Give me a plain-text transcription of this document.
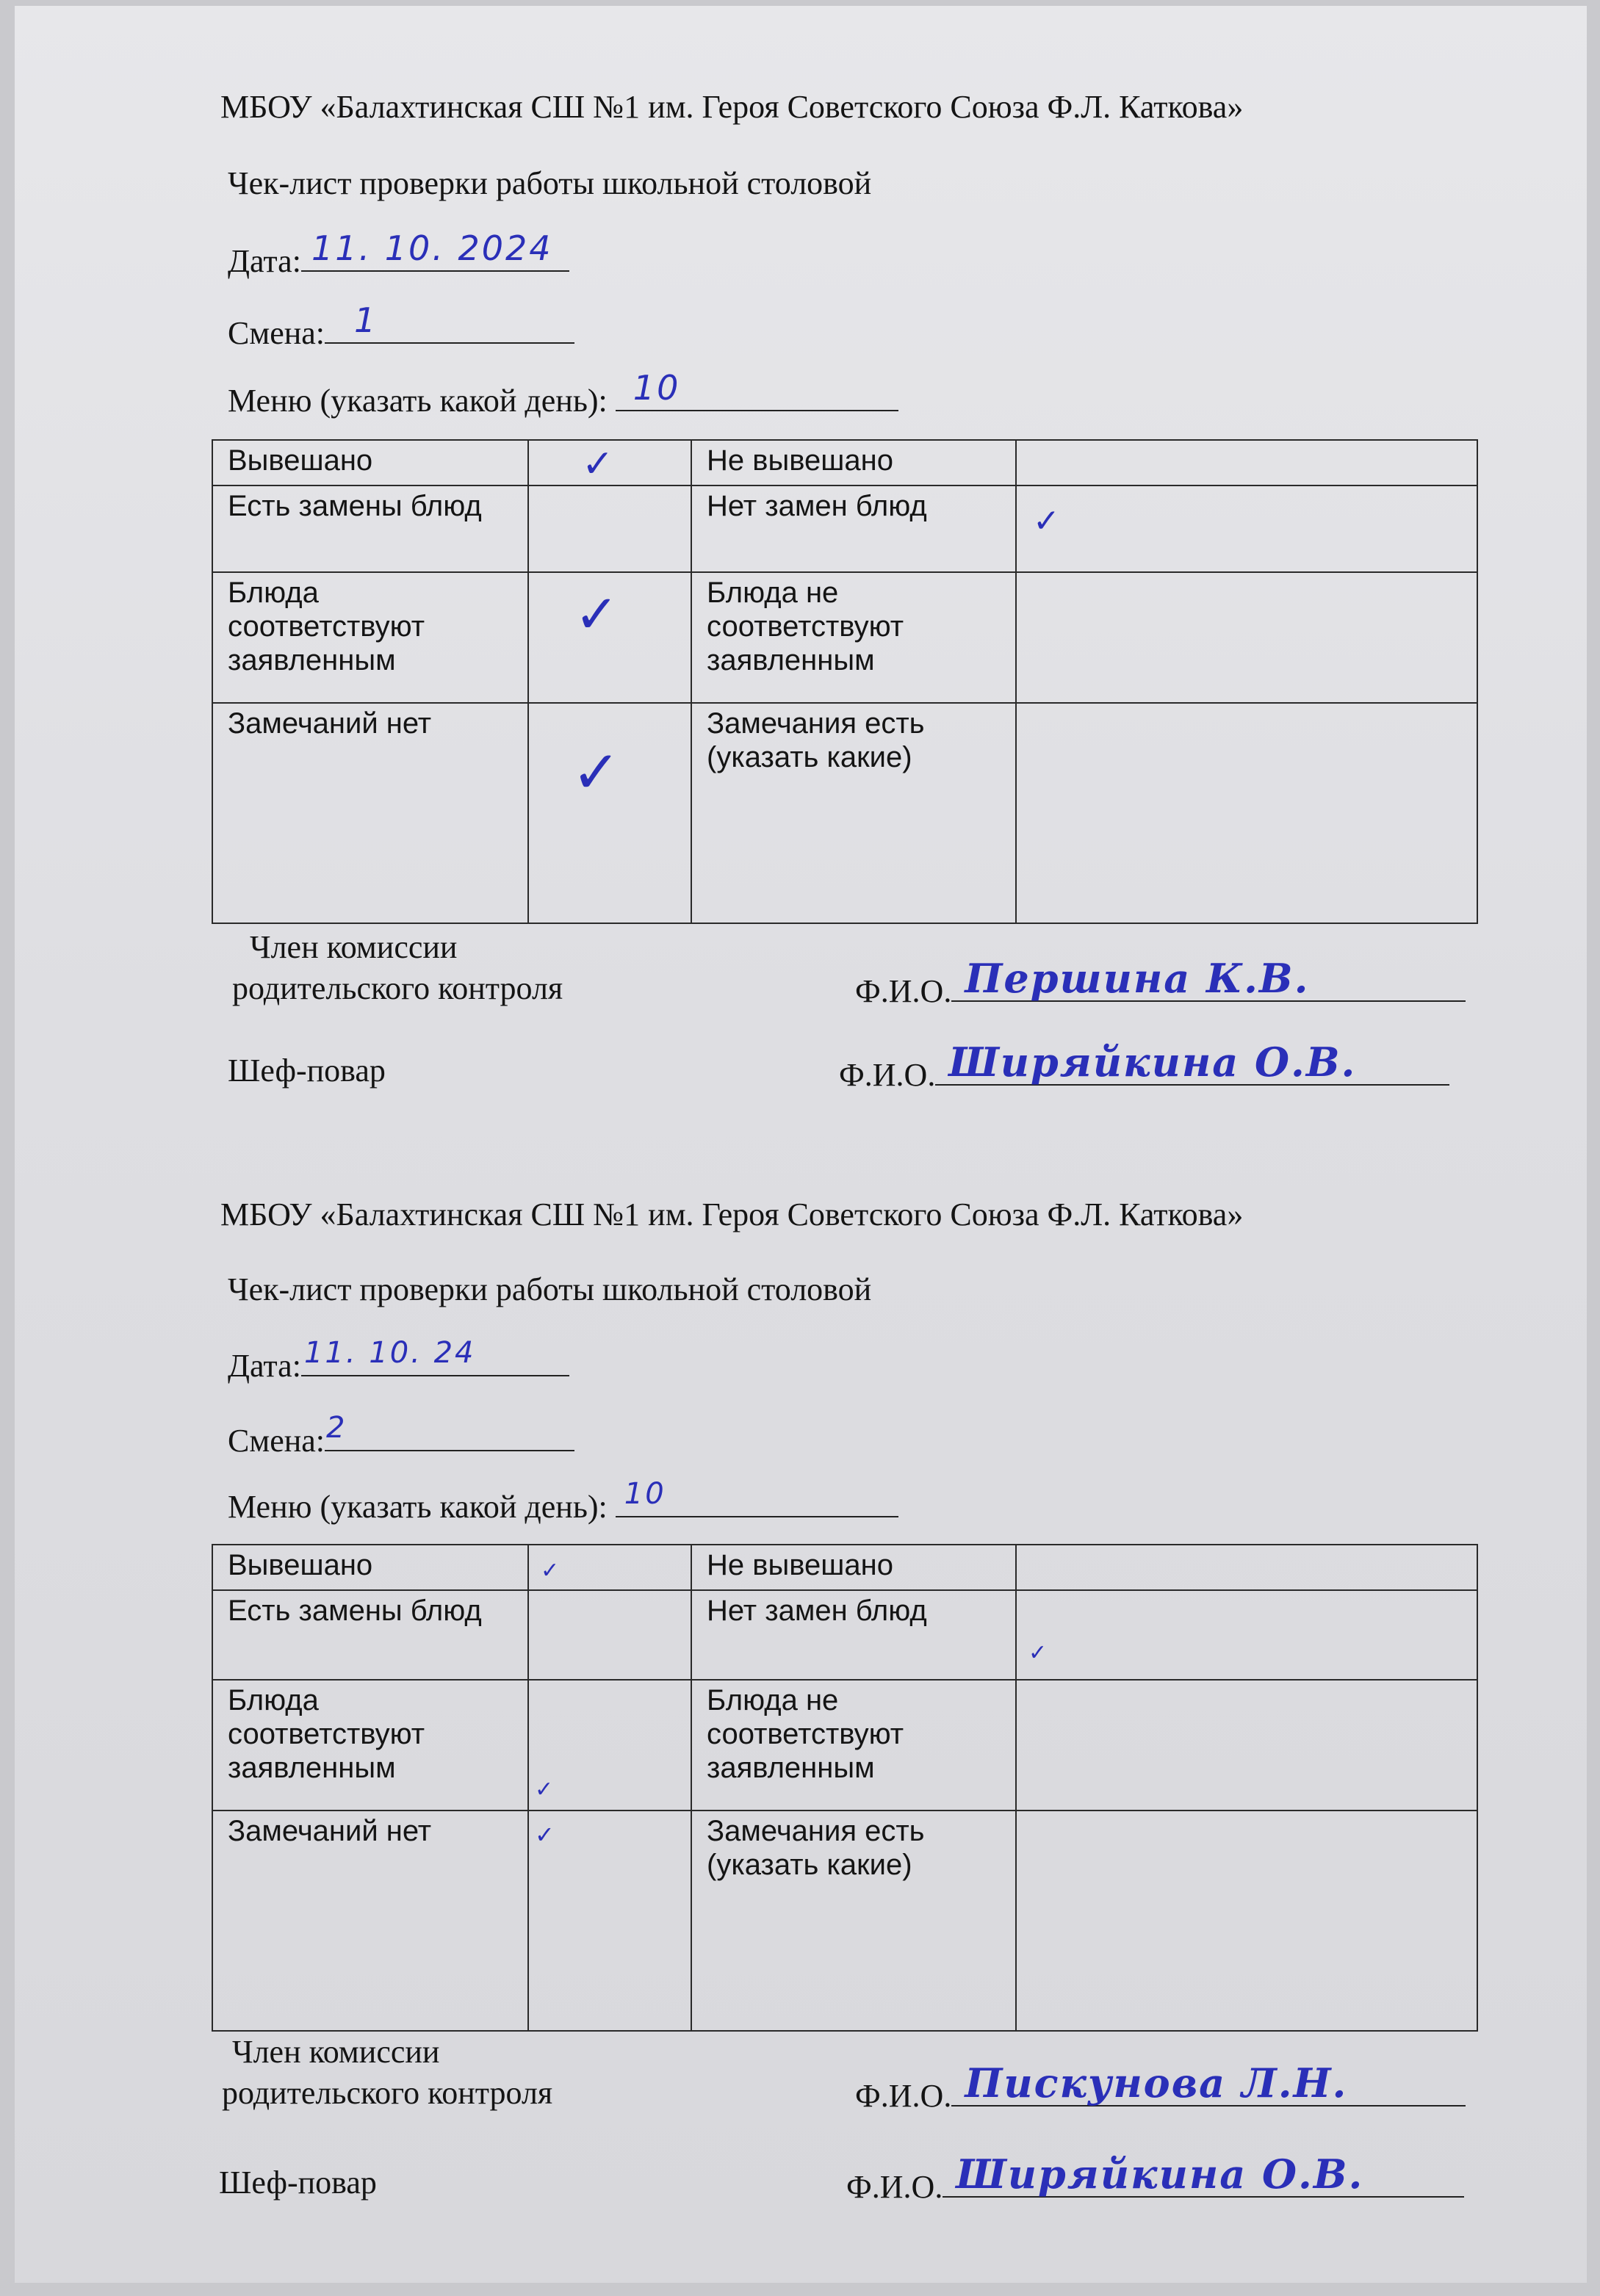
МБОУ «Балахтинская СШ №1 им. Героя Советского Союза Ф.Л. Каткова»
Чек-лист проверки работы школьной столовой
Дата: 11. 10. 2024
Смена: 1
Меню (указать какой день): 10
Вывешано	✓	Не вывешано	

Есть замены блюд		Нет замен блюд	✓

Блюда соответствуют заявленным	✓	Блюда не соответствуют заявленным	

Замечаний нет	✓	Замечания есть (указать какие)	
Член комиссии
родительского контроля	Ф.И.О. Першина К.В.
Шеф-повар	Ф.И.О. Ширяйкина О.В.
МБОУ «Балахтинская СШ №1 им. Героя Советского Союза Ф.Л. Каткова»
Чек-лист проверки работы школьной столовой
Дата: 11. 10. 24
Смена: 2
Меню (указать какой день): 10
Вывешано	✓	Не вывешано	

Есть замены блюд		Нет замен блюд	✓

Блюда соответствуют заявленным	✓	Блюда не соответствуют заявленным	

Замечаний нет	✓	Замечания есть (указать какие)	
Член комиссии
родительского контроля	Ф.И.О. Пискунова Л.Н.
Шеф-повар	Ф.И.О. Ширяйкина О.В.
